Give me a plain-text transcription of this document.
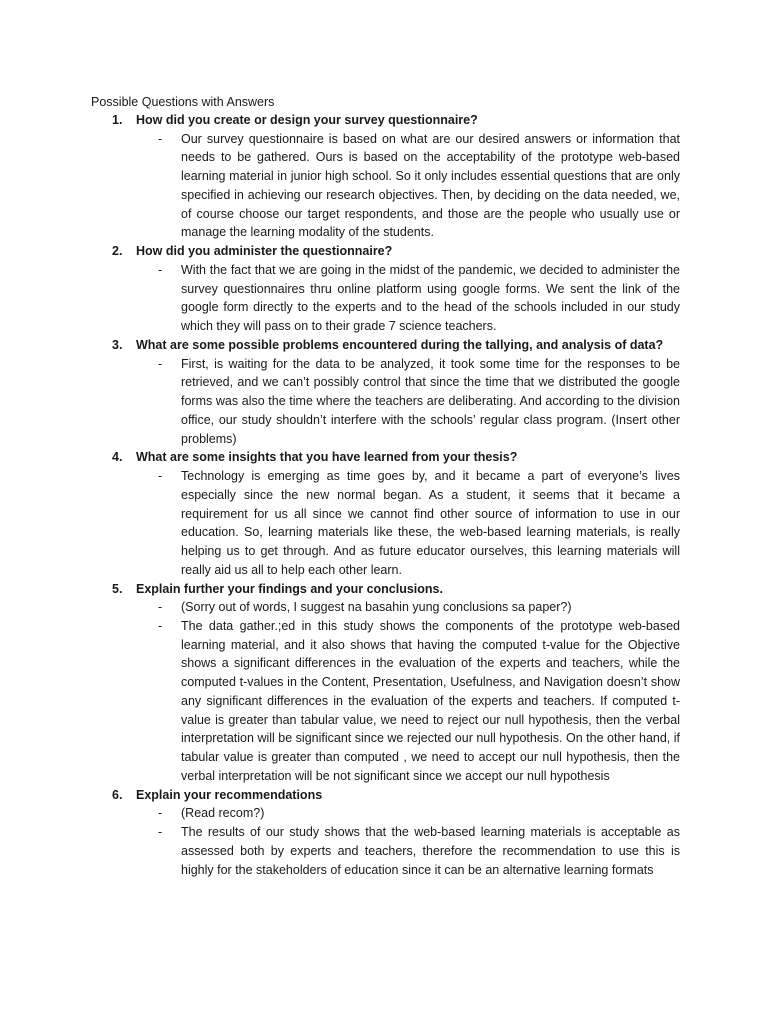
Possible Questions with Answers
1. How did you create or design your survey questionnaire?
- Our survey questionnaire is based on what are our desired answers or information that needs to be gathered. Ours is based on the acceptability of the prototype web-based learning material in junior high school. So it only includes essential questions that are only specified in achieving our research objectives. Then, by deciding on the data needed, we, of course choose our target respondents, and those are the people who usually use or manage the learning modality of the students.
2. How did you administer the questionnaire?
- With the fact that we are going in the midst of the pandemic, we decided to administer the survey questionnaires thru online platform using google forms. We sent the link of the google form directly to the experts and to the head of the schools included in our study which they will pass on to their grade 7 science teachers.
3. What are some possible problems encountered during the tallying, and analysis of data?
- First, is waiting for the data to be analyzed, it took some time for the responses to be retrieved, and we can’t possibly control that since the time that we distributed the google forms was also the time where the teachers are deliberating. And according to the division office, our study shouldn’t interfere with the schools’ regular class program. (Insert other problems)
4. What are some insights that you have learned from your thesis?
- Technology is emerging as time goes by, and it became a part of everyone’s lives especially since the new normal began. As a student, it seems that it became a requirement for us all since we cannot find other source of information to use in our education. So, learning materials like these, the web-based learning materials, is really helping us to get through. And as future educator ourselves, this learning materials will really aid us all to help each other learn.
5. Explain further your findings and your conclusions.
- (Sorry out of words, I suggest na basahin yung conclusions sa paper?)
- The data gather.;ed in this study shows the components of the prototype web-based learning material, and it also shows that having the computed t-value for the Objective shows a significant differences in the evaluation of the experts and teachers, while the computed t-values in the Content, Presentation, Usefulness, and Navigation doesn’t show any significant differences in the evaluation of the experts and teachers. If computed t-value is greater than tabular value, we need to reject our null hypothesis, then the verbal interpretation will be significant since we rejected our null hypothesis. On the other hand, if tabular value is greater than computed , we need to accept our null hypothesis, then the verbal interpretation will be not significant since we accept our null hypothesis
6. Explain your recommendations
- (Read recom?)
- The results of our study shows that the web-based learning materials is acceptable as assessed both by experts and teachers, therefore the recommendation to use this is highly for the stakeholders of education since it can be an alternative learning formats
